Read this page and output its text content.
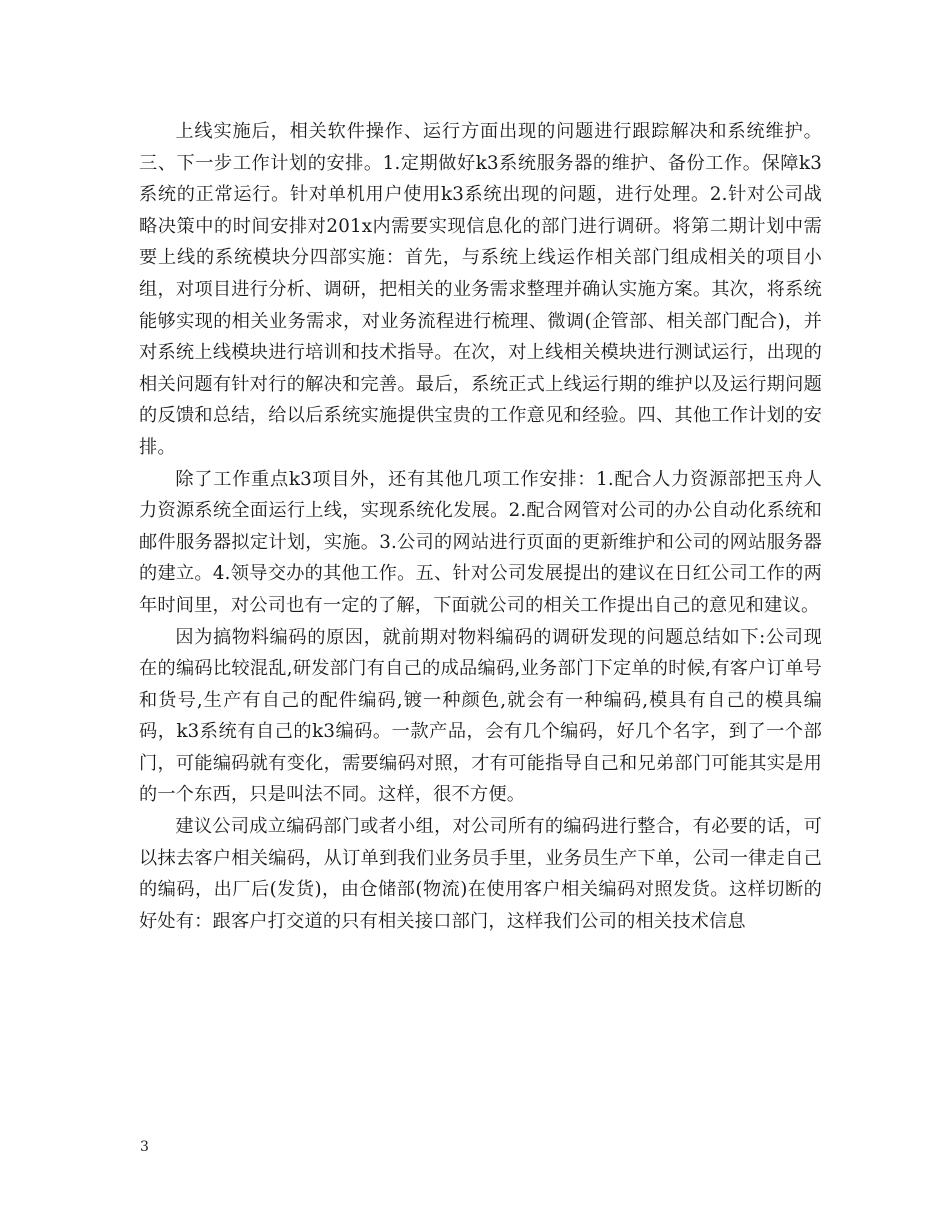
上线实施后，相关软件操作、运行方面出现的问题进行跟踪解决和系统维护。三、下一步工作计划的安排。1.定期做好k3系统服务器的维护、备份工作。保障k3系统的正常运行。针对单机用户使用k3系统出现的问题，进行处理。2.针对公司战略决策中的时间安排对201x内需要实现信息化的部门进行调研。将第二期计划中需要上线的系统模块分四部实施：首先，与系统上线运作相关部门组成相关的项目小组，对项目进行分析、调研，把相关的业务需求整理并确认实施方案。其次，将系统能够实现的相关业务需求，对业务流程进行梳理、微调(企管部、相关部门配合)，并对系统上线模块进行培训和技术指导。在次，对上线相关模块进行测试运行，出现的相关问题有针对行的解决和完善。最后，系统正式上线运行期的维护以及运行期问题的反馈和总结，给以后系统实施提供宝贵的工作意见和经验。四、其他工作计划的安排。

除了工作重点k3项目外，还有其他几项工作安排：1.配合人力资源部把玉舟人力资源系统全面运行上线，实现系统化发展。2.配合网管对公司的办公自动化系统和邮件服务器拟定计划，实施。3.公司的网站进行页面的更新维护和公司的网站服务器的建立。4.领导交办的其他工作。五、针对公司发展提出的建议在日红公司工作的两年时间里，对公司也有一定的了解，下面就公司的相关工作提出自己的意见和建议。

因为搞物料编码的原因，就前期对物料编码的调研发现的问题总结如下:公司现在的编码比较混乱,研发部门有自己的成品编码,业务部门下定单的时候,有客户订单号和货号,生产有自己的配件编码,镀一种颜色,就会有一种编码,模具有自己的模具编码，k3系统有自己的k3编码。一款产品，会有几个编码，好几个名字，到了一个部门，可能编码就有变化，需要编码对照，才有可能指导自己和兄弟部门可能其实是用的一个东西，只是叫法不同。这样，很不方便。

建议公司成立编码部门或者小组，对公司所有的编码进行整合，有必要的话，可以抹去客户相关编码，从订单到我们业务员手里，业务员生产下单，公司一律走自己的编码，出厂后(发货)，由仓储部(物流)在使用客户相关编码对照发货。这样切断的好处有：跟客户打交道的只有相关接口部门，这样我们公司的相关技术信息

3
